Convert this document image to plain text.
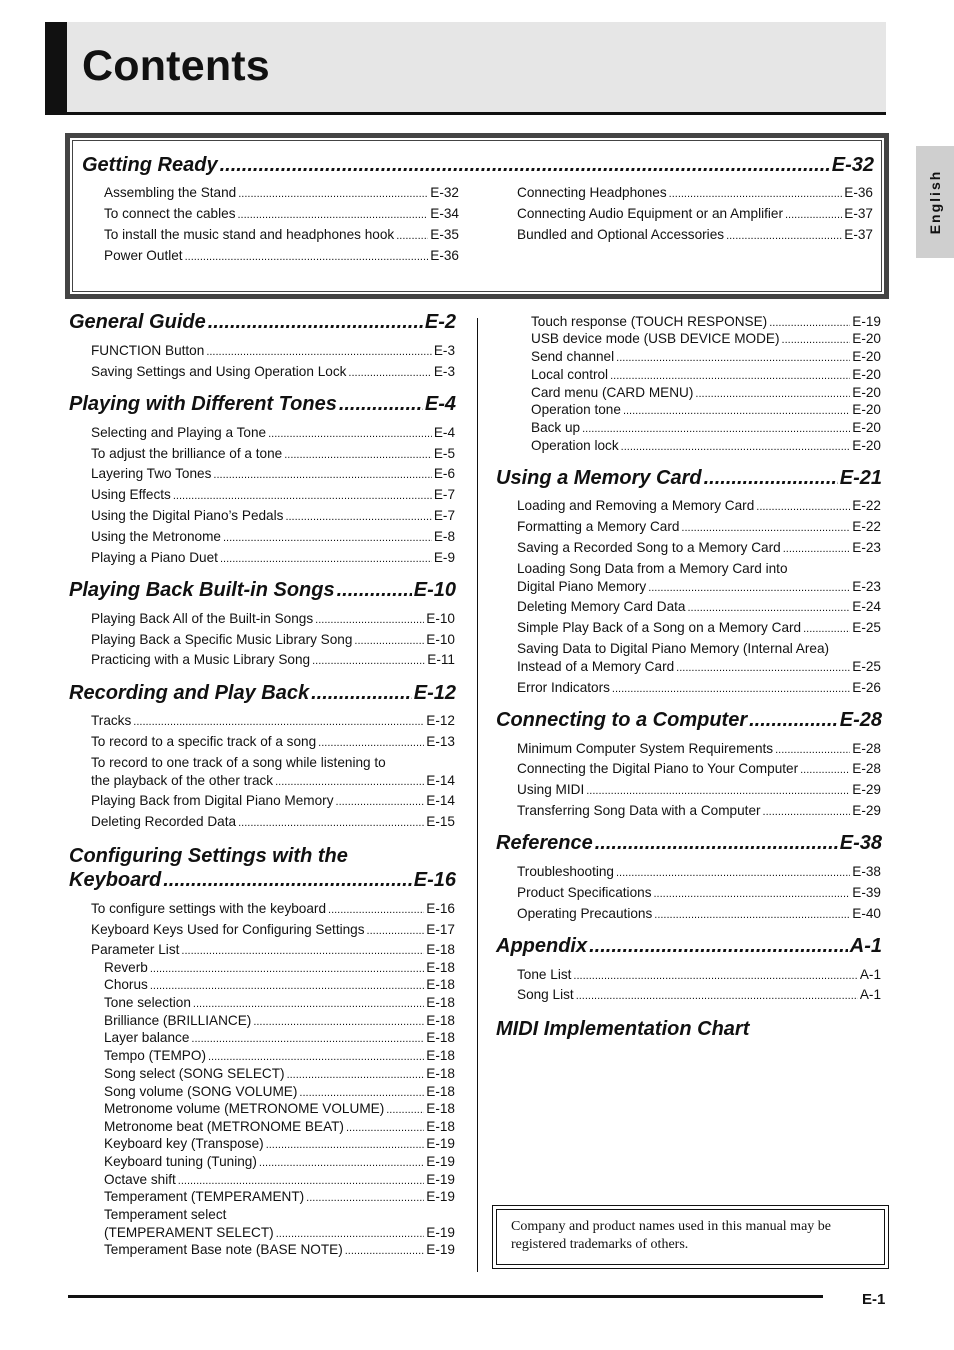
Contents
English
Getting Ready .....	E-32
Assembling the Stand .....	E-32
To connect the cables .....	E-34
To install the music stand and headphones hook .....	E-35
Power Outlet .....	E-36
Connecting Headphones .....	E-36
Connecting Audio Equipment or an Amplifier .....	E-37
Bundled and Optional Accessories .....	E-37
General Guide .....	E-2
FUNCTION Button .....	E-3
Saving Settings and Using Operation Lock .....	E-3
Playing with Different Tones .....	E-4
Selecting and Playing a Tone .....	E-4
To adjust the brilliance of a tone .....	E-5
Layering Two Tones .....	E-6
Using Effects .....	E-7
Using the Digital Piano’s Pedals .....	E-7
Using the Metronome .....	E-8
Playing a Piano Duet .....	E-9
Playing Back Built-in Songs .....	E-10
Playing Back All of the Built-in Songs .....	E-10
Playing Back a Specific Music Library Song .....	E-10
Practicing with a Music Library Song .....	E-11
Recording and Play Back .....	E-12
Tracks .....	E-12
To record to a specific track of a song .....	E-13
To record to one track of a song while listening to
the playback of the other track .....	E-14
Playing Back from Digital Piano Memory .....	E-14
Deleting Recorded Data .....	E-15
Configuring Settings with the
Keyboard .....	E-16
To configure settings with the keyboard .....	E-16
Keyboard Keys Used for Configuring Settings .....	E-17
Parameter List .....	E-18
Reverb .....	E-18
Chorus .....	E-18
Tone selection .....	E-18
Brilliance (BRILLIANCE) .....	E-18
Layer balance .....	E-18
Tempo (TEMPO) .....	E-18
Song select (SONG SELECT) .....	E-18
Song volume (SONG VOLUME) .....	E-18
Metronome volume (METRONOME VOLUME) .....	E-18
Metronome beat (METRONOME BEAT) .....	E-18
Keyboard key (Transpose) .....	E-19
Keyboard tuning (Tuning) .....	E-19
Octave shift .....	E-19
Temperament (TEMPERAMENT) .....	E-19
Temperament select
(TEMPERAMENT SELECT) .....	E-19
Temperament Base note (BASE NOTE) .....	E-19
Touch response (TOUCH RESPONSE) .....	E-19
USB device mode (USB DEVICE MODE) .....	E-20
Send channel .....	E-20
Local control .....	E-20
Card menu (CARD MENU) .....	E-20
Operation tone .....	E-20
Back up .....	E-20
Operation lock .....	E-20
Using a Memory Card .....	E-21
Loading and Removing a Memory Card .....	E-22
Formatting a Memory Card .....	E-22
Saving a Recorded Song to a Memory Card .....	E-23
Loading Song Data from a Memory Card into
Digital Piano Memory .....	E-23
Deleting Memory Card Data .....	E-24
Simple Play Back of a Song on a Memory Card .....	E-25
Saving Data to Digital Piano Memory (Internal Area)
Instead of a Memory Card .....	E-25
Error Indicators .....	E-26
Connecting to a Computer .....	E-28
Minimum Computer System Requirements .....	E-28
Connecting the Digital Piano to Your Computer .....	E-28
Using MIDI .....	E-29
Transferring Song Data with a Computer .....	E-29
Reference .....	E-38
Troubleshooting .....	E-38
Product Specifications .....	E-39
Operating Precautions .....	E-40
Appendix .....	A-1
Tone List .....	A-1
Song List .....	A-1
MIDI Implementation Chart
Company and product names used in this manual may be registered trademarks of others.
E-1
